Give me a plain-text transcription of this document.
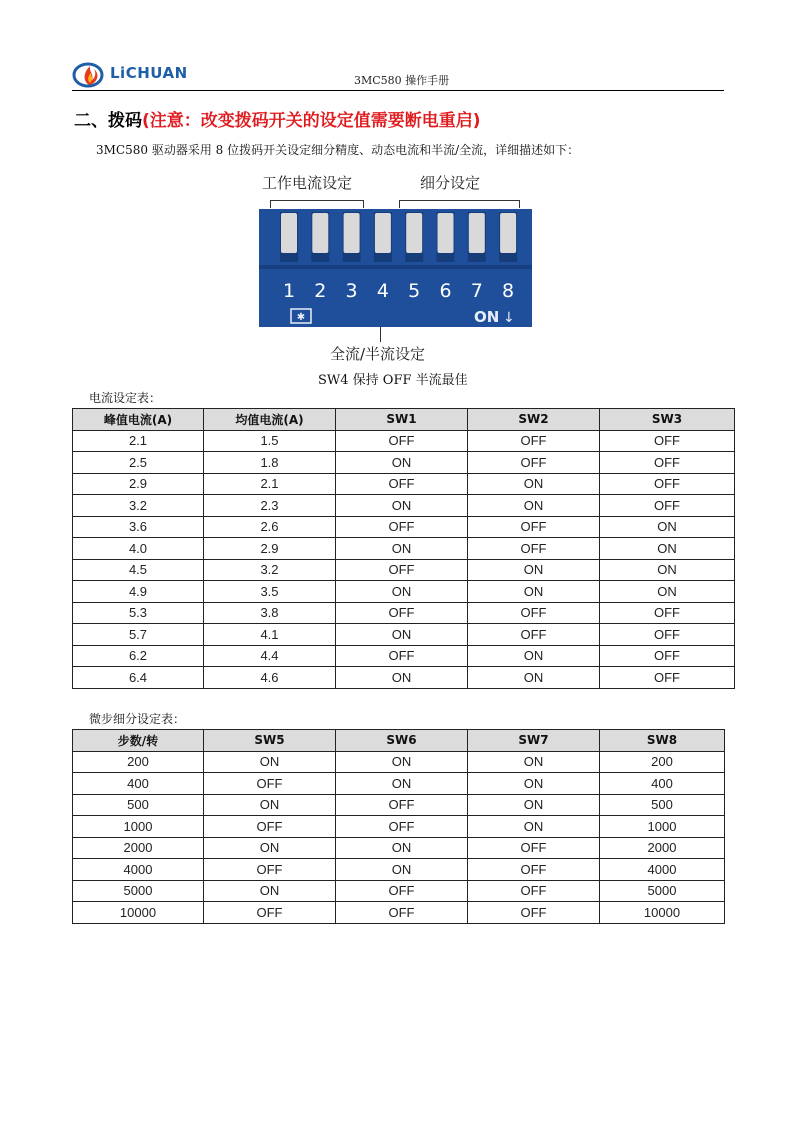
LiCHUAN	3MC580 操作手册
二、拨码(注意：改变拨码开关的设定值需要断电重启)
3MC580 驱动器采用 8 位拨码开关设定细分精度、动态电流和半流/全流，详细描述如下：
工作电流设定	细分设定
1 2 3 4 5 6 7 8
✱	ON ↓
全流/半流设定
SW4 保持 OFF 半流最佳
电流设定表：
峰值电流(A)	均值电流(A)	SW1	SW2	SW3
2.1	1.5	OFF	OFF	OFF
2.5	1.8	ON	OFF	OFF
2.9	2.1	OFF	ON	OFF
3.2	2.3	ON	ON	OFF
3.6	2.6	OFF	OFF	ON
4.0	2.9	ON	OFF	ON
4.5	3.2	OFF	ON	ON
4.9	3.5	ON	ON	ON
5.3	3.8	OFF	OFF	OFF
5.7	4.1	ON	OFF	OFF
6.2	4.4	OFF	ON	OFF
6.4	4.6	ON	ON	OFF
微步细分设定表：
步数/转	SW5	SW6	SW7	SW8
200	ON	ON	ON	200
400	OFF	ON	ON	400
500	ON	OFF	ON	500
1000	OFF	OFF	ON	1000
2000	ON	ON	OFF	2000
4000	OFF	ON	OFF	4000
5000	ON	OFF	OFF	5000
10000	OFF	OFF	OFF	10000
